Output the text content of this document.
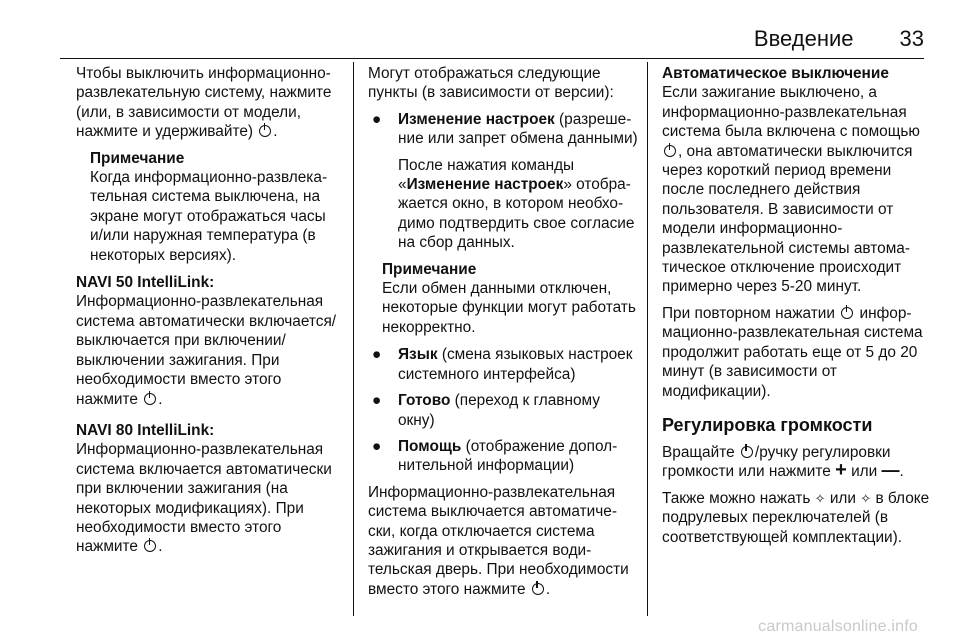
Введение 33

Чтобы выключить информационно-развлекательную систему, нажмите (или, в зависимости от модели, нажмите и удерживайте) .

Примечание
Когда информационно-развлекательная система выключена, на экране могут отображаться часы и/или наружная температура (в некоторых версиях).
NAVI 50 IntelliLink:

Информационно-развлекательная система автоматически включается/выключается при включении/выключении зажигания. При необходимости вместо этого нажмите .

NAVI 80 IntelliLink:

Информационно-развлекательная система включается автоматически при включении зажигания (на некоторых модификациях). При необходимости вместо этого нажмите .

Могут отображаться следующие пункты (в зависимости от версии):

● Изменение настроек (разрешение или запрет обмена данными)
После нажатия команды «Изменение настроек» отображается окно, в котором необходимо подтвердить свое согласие на сбор данных.
Примечание
Если обмен данными отключен, некоторые функции могут работать некорректно.
● Язык (смена языковых настроек системного интерфейса)
● Готово (переход к главному окну)
● Помощь (отображение дополнительной информации)

Информационно-развлекательная система выключается автоматически, когда отключается система зажигания и открывается водительская дверь. При необходимости вместо этого нажмите .

Автоматическое выключение

Если зажигание выключено, а информационно-развлекательная система была включена с помощью , она автоматически выключится через короткий период времени после последнего действия пользователя. В зависимости от модели информационно-развлекательной системы автоматическое отключение происходит примерно через 5-20 минут.

При повторном нажатии  информационно-развлекательная система продолжит работать еще от 5 до 20 минут (в зависимости от модификации).

Регулировка громкости

Вращайте /ручку регулировки громкости или нажмите + или —.

Также можно нажать ✧ или ✧ в блоке подрулевых переключателей (в соответствующей комплектации).

carmanualsonline.info
